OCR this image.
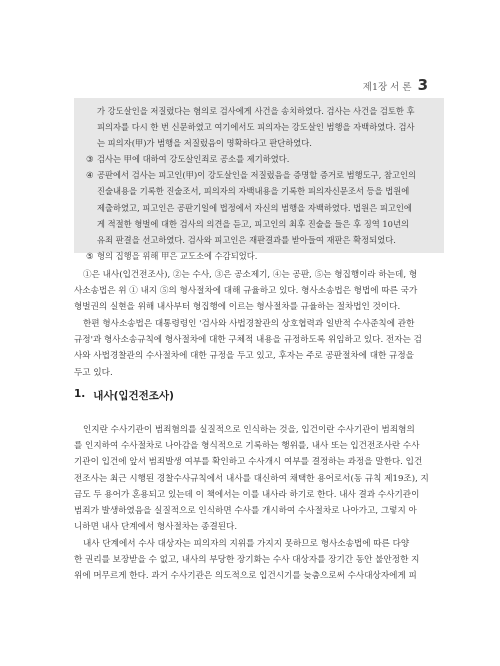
제1장 서 론 3
가 강도살인을 저질렀다는 혐의로 검사에게 사건을 송치하였다. 검사는 사건을 검토한 후
피의자를 다시 한 번 신문하였고 여기에서도 피의자는 강도살인 범행을 자백하였다. 검사
는 피의자(甲)가 범행을 저질렀음이 명확하다고 판단하였다.
③ 검사는 甲에 대하여 강도살인죄로 공소를 제기하였다.
④ 공판에서 검사는 피고인(甲)이 강도살인을 저질렀음을 증명할 증거로 범행도구, 참고인의
진술내용을 기록한 진술조서, 피의자의 자백내용을 기록한 피의자신문조서 등을 법원에
제출하였고, 피고인은 공판기일에 법정에서 자신의 범행을 자백하였다. 법원은 피고인에
게 적절한 형벌에 대한 검사의 의견을 듣고, 피고인의 최후 진술을 들은 후 징역 10년의
유죄 판결을 선고하였다. 검사와 피고인은 재판결과를 받아들여 재판은 확정되었다.
⑤ 형의 집행을 위해 甲은 교도소에 수감되었다.
①은 내사(입건전조사), ②는 수사, ③은 공소제기, ④는 공판, ⑤는 형집행이라 하는데, 형
사소송법은 위 ① 내지 ⑤의 형사절차에 대해 규율하고 있다. 형사소송법은 형법에 따른 국가
형벌권의 실현을 위해 내사부터 형집행에 이르는 형사절차를 규율하는 절차법인 것이다.
한편 형사소송법은 대통령령인 '검사와 사법경찰관의 상호협력과 일반적 수사준칙에 관한
규정'과 형사소송규칙에 형사절차에 대한 구체적 내용을 규정하도록 위임하고 있다. 전자는 검
사와 사법경찰관의 수사절차에 대한 규정을 두고 있고, 후자는 주로 공판절차에 대한 규정을
두고 있다.
1. 내사(입건전조사)
인지란 수사기관이 범죄혐의를 실질적으로 인식하는 것을, 입건이란 수사기관이 범죄혐의
를 인지하여 수사절차로 나아감을 형식적으로 기록하는 행위를, 내사 또는 입건전조사란 수사
기관이 입건에 앞서 범죄발생 여부를 확인하고 수사개시 여부를 결정하는 과정을 말한다. 입건
전조사는 최근 시행된 경찰수사규칙에서 내사를 대신하여 채택한 용어로서(동 규칙 제19조), 지
금도 두 용어가 혼용되고 있는데 이 책에서는 이를 내사라 하기로 한다. 내사 결과 수사기관이
범죄가 발생하였음을 실질적으로 인식하면 수사를 개시하여 수사절차로 나아가고, 그렇지 아
니하면 내사 단계에서 형사절차는 종결된다.
내사 단계에서 수사 대상자는 피의자의 지위를 가지지 못하므로 형사소송법에 따른 다양
한 권리를 보장받을 수 없고, 내사의 부당한 장기화는 수사 대상자를 장기간 동안 불안정한 지
위에 머무르게 한다. 과거 수사기관은 의도적으로 입건시기를 늦춤으로써 수사대상자에게 피
